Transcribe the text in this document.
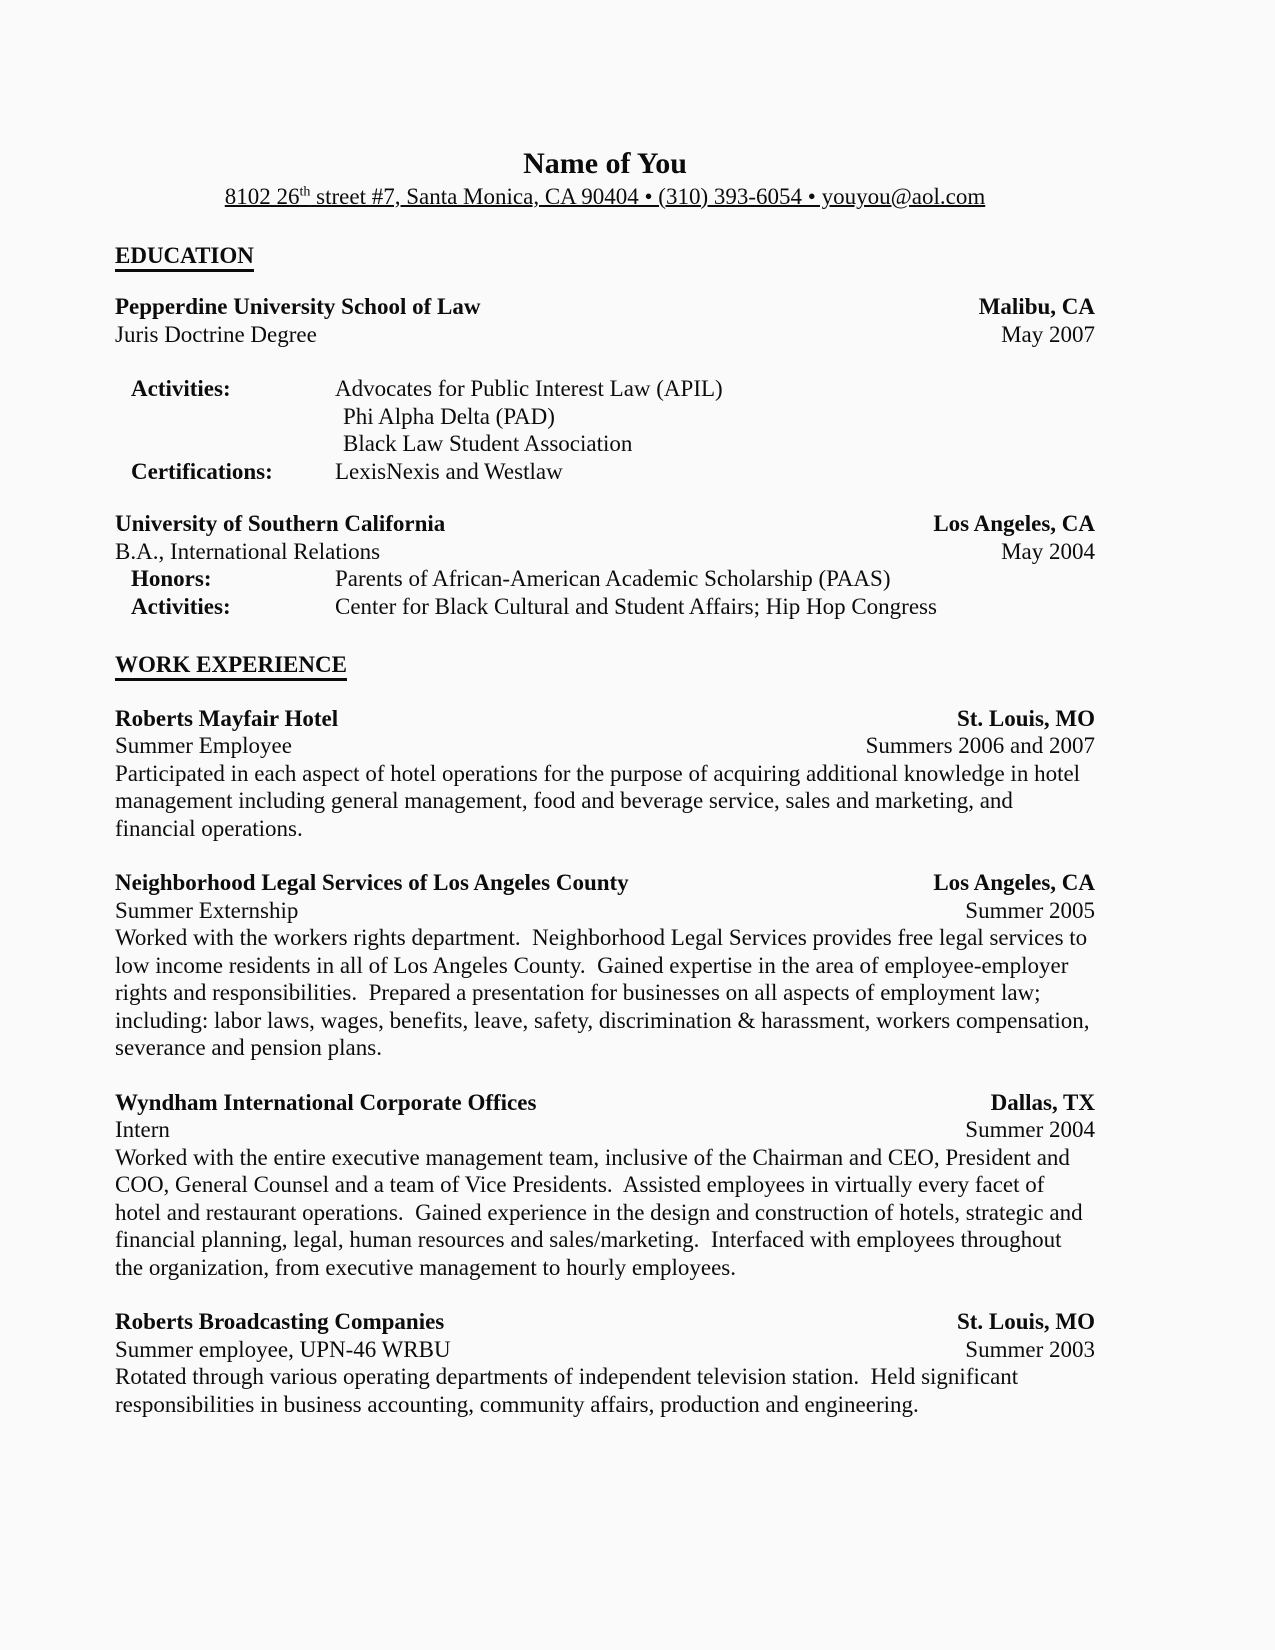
Name of You
8102 26th street #7, Santa Monica, CA 90404 • (310) 393-6054 • youyou@aol.com
EDUCATION
Pepperdine University School of Law	Malibu, CA
Juris Doctrine Degree	May 2007
Activities:	Advocates for Public Interest Law (APIL)
Phi Alpha Delta (PAD)
Black Law Student Association
Certifications:	LexisNexis and Westlaw
University of Southern California	Los Angeles, CA
B.A., International Relations	May 2004
Honors:	Parents of African-American Academic Scholarship (PAAS)
Activities:	Center for Black Cultural and Student Affairs; Hip Hop Congress
WORK EXPERIENCE
Roberts Mayfair Hotel	St. Louis, MO
Summer Employee	Summers 2006 and 2007
Participated in each aspect of hotel operations for the purpose of acquiring additional knowledge in hotel management including general management, food and beverage service, sales and marketing, and financial operations.
Neighborhood Legal Services of Los Angeles County	Los Angeles, CA
Summer Externship	Summer 2005
Worked with the workers rights department.  Neighborhood Legal Services provides free legal services to low income residents in all of Los Angeles County.  Gained expertise in the area of employee-employer rights and responsibilities.  Prepared a presentation for businesses on all aspects of employment law; including: labor laws, wages, benefits, leave, safety, discrimination & harassment, workers compensation, severance and pension plans.
Wyndham International Corporate Offices	Dallas, TX
Intern	Summer 2004
Worked with the entire executive management team, inclusive of the Chairman and CEO, President and COO, General Counsel and a team of Vice Presidents.  Assisted employees in virtually every facet of hotel and restaurant operations.  Gained experience in the design and construction of hotels, strategic and financial planning, legal, human resources and sales/marketing.  Interfaced with employees throughout the organization, from executive management to hourly employees.
Roberts Broadcasting Companies	St. Louis, MO
Summer employee, UPN-46 WRBU	Summer 2003
Rotated through various operating departments of independent television station.  Held significant responsibilities in business accounting, community affairs, production and engineering.
